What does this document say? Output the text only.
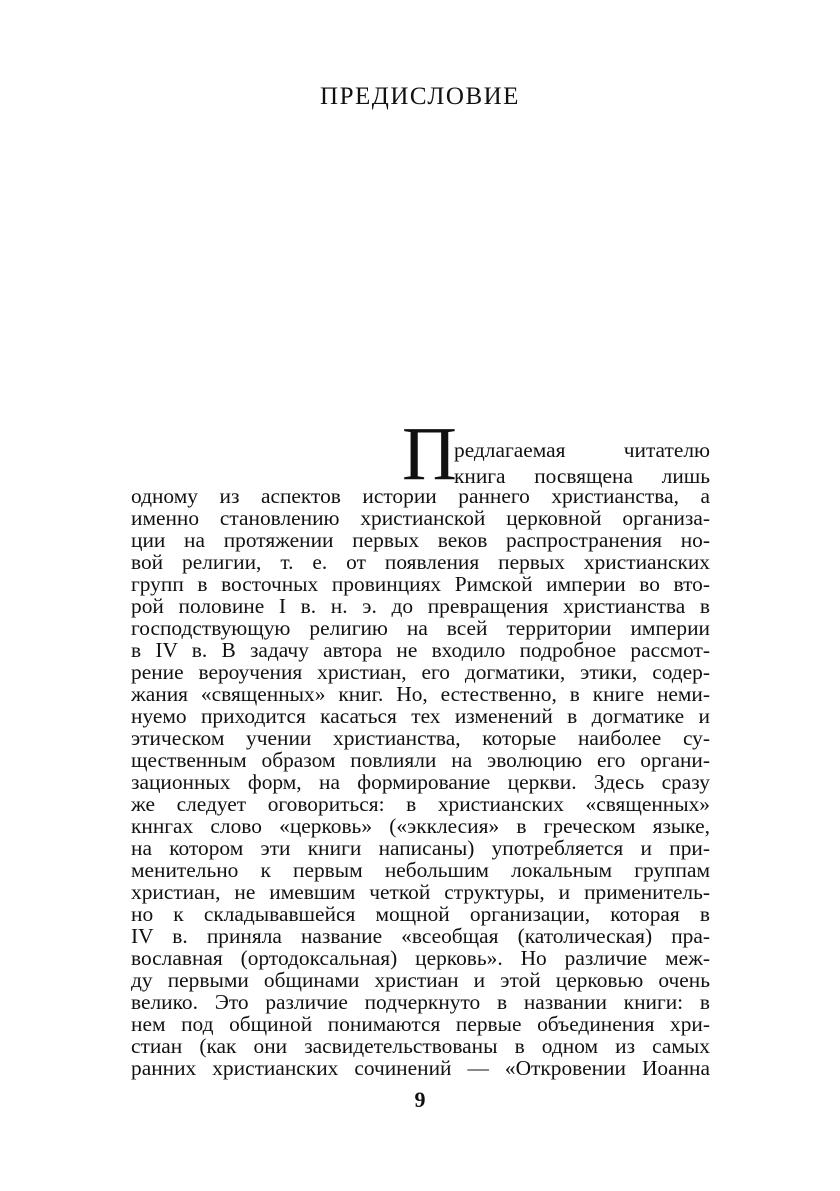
ПРЕДИСЛОВИЕ
П
редлагаемая читателю
книга посвящена лишь
одному из аспектов истории раннего христианства, а
именно становлению христианской церковной организа-
ции на протяжении первых веков распространения но-
вой религии, т. е. от появления первых христианских
групп в восточных провинциях Римской империи во вто-
рой половине I в. н. э. до превращения христианства в
господствующую религию на всей территории империи
в IV в. В задачу автора не входило подробное рассмот-
рение вероучения христиан, его догматики, этики, содер-
жания «священных» книг. Но, естественно, в книге неми-
нуемо приходится касаться тех изменений в догматике и
этическом учении христианства, которые наиболее су-
щественным образом повлияли на эволюцию его органи-
зационных форм, на формирование церкви. Здесь сразу
же следует оговориться: в христианских «священных»
кннгах слово «церковь» («экклесия» в греческом языке,
на котором эти книги написаны) употребляется и при-
менительно к первым небольшим локальным группам
христиан, не имевшим четкой структуры, и применитель-
но к складывавшейся мощной организации, которая в
IV в. приняла название «всеобщая (католическая) пра-
вославная (ортодоксальная) церковь». Но различие меж-
ду первыми общинами христиан и этой церковью очень
велико. Это различие подчеркнуто в названии книги: в
нем под общиной понимаются первые объединения хри-
стиан (как они засвидетельствованы в одном из самых
ранних христианских сочинений — «Откровении Иоанна
9
